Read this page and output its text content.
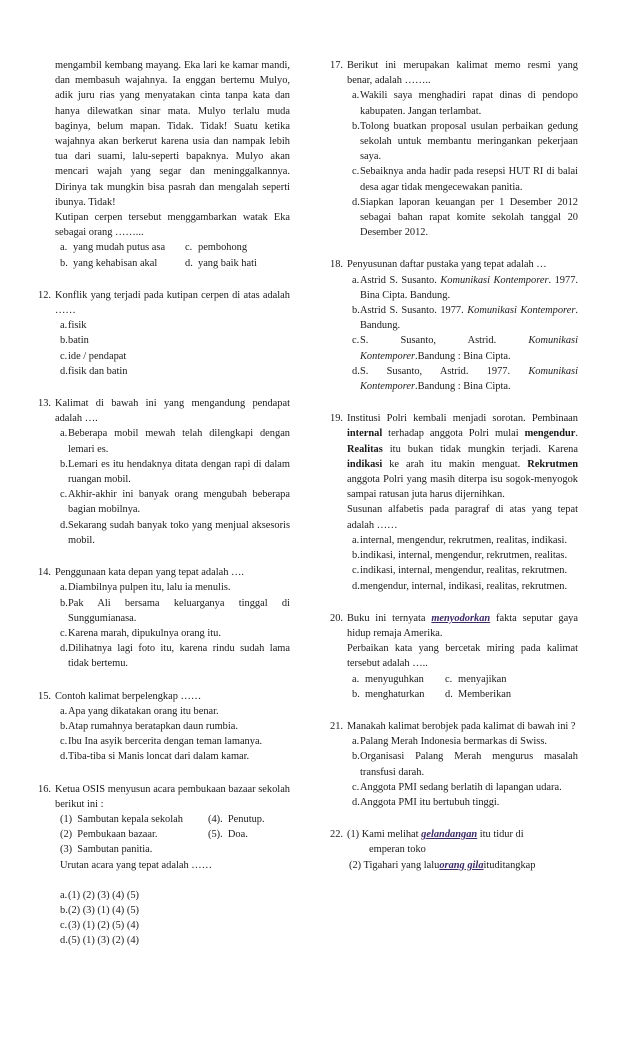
mengambil kembang mayang. Eka lari ke kamar mandi, dan membasuh wajahnya. Ia enggan bertemu Mulyo, adik juru rias yang menyatakan cinta tanpa kata dan hanya dilewatkan sinar mata. Mulyo terlalu muda baginya, belum mapan. Tidak. Tidak! Suatu ketika wajahnya akan berkerut karena usia dan nampak lebih tua dari suami, lalu-seperti bapaknya. Mulyo akan mencari wajah yang segar dan meninggalkannya. Dirinya tak mungkin bisa pasrah dan mengalah seperti ibunya. Tidak!
Kutipan cerpen tersebut menggambarkan watak Eka sebagai orang ……...
a. yang mudah putus asa	c. pembohong
b. yang kehabisan akal	d. yang baik hati
12. Konflik yang terjadi pada kutipan cerpen di atas adalah ……
a. fisik
b. batin
c. ide / pendapat
d. fisik dan batin
13. Kalimat di bawah ini yang mengandung pendapat adalah ….
a. Beberapa mobil mewah telah dilengkapi dengan lemari es.
b. Lemari es itu hendaknya ditata dengan rapi di dalam ruangan mobil.
c. Akhir-akhir ini banyak orang mengubah beberapa bagian mobilnya.
d. Sekarang sudah banyak toko yang menjual aksesoris mobil.
14. Penggunaan kata depan yang tepat adalah ….
a. Diambilnya pulpen itu, lalu ia menulis.
b. Pak Ali bersama keluarganya tinggal di Sunggumianasa.
c. Karena marah, dipukulnya orang itu.
d. Dilihatnya lagi foto itu, karena rindu sudah lama tidak bertemu.
15. Contoh kalimat berpelengkap ……
a. Apa yang dikatakan orang itu benar.
b. Atap rumahnya beratapkan daun rumbia.
c. Ibu Ina asyik bercerita dengan teman lamanya.
d. Tiba-tiba si Manis loncat dari dalam kamar.
16. Ketua OSIS menyusun acara pembukaan bazaar sekolah berikut ini :
(1)  Sambutan kepala sekolah	(4).  Penutup.
(2)  Pembukaan bazaar.	(5).  Doa.
(3)  Sambutan panitia.
Urutan acara yang tepat adalah ……
a. (1) (2) (3) (4) (5)
b. (2) (3) (1) (4) (5)
c. (3) (1) (2) (5) (4)
d. (5) (1) (3) (2) (4)
17. Berikut ini merupakan kalimat memo resmi yang benar, adalah ……..
a. Wakili saya menghadiri rapat dinas di pendopo kabupaten. Jangan terlambat.
b. Tolong buatkan proposal usulan perbaikan gedung sekolah untuk membantu meringankan pekerjaan saya.
c. Sebaiknya anda hadir pada resepsi HUT RI di balai desa agar tidak mengecewakan panitia.
d. Siapkan laporan keuangan per 1 Desember 2012 sebagai bahan rapat komite sekolah tanggal 20 Desember 2012.
18. Penyusunan daftar pustaka yang tepat adalah …
a. Astrid S. Susanto. Komunikasi Kontemporer. 1977. Bina Cipta. Bandung.
b. Astrid S. Susanto. 1977. Komunikasi Kontemporer. Bandung.
c. S. Susanto, Astrid. Komunikasi Kontemporer.Bandung : Bina Cipta.
d. S. Susanto, Astrid. 1977. Komunikasi Kontemporer.Bandung : Bina Cipta.
19. Institusi Polri kembali menjadi sorotan. Pembinaan internal terhadap anggota Polri mulai mengendur. Realitas itu bukan tidak mungkin terjadi. Karena indikasi ke arah itu makin menguat. Rekrutmen anggota Polri yang masih diterpa isu sogok-menyogok sampai ratusan juta harus dijernihkan.
Susunan alfabetis pada paragraf di atas yang tepat adalah ……
a. internal, mengendur, rekrutmen, realitas, indikasi.
b. indikasi, internal, mengendur, rekrutmen, realitas.
c. indikasi, internal, mengendur, realitas, rekrutmen.
d. mengendur, internal, indikasi, realitas, rekrutmen.
20. Buku ini ternyata menyodorkan fakta seputar gaya hidup remaja Amerika.
Perbaikan kata yang bercetak miring pada kalimat tersebut adalah …..
a. menyuguhkan	c. menyajikan
b. menghaturkan	d. Memberikan
21. Manakah kalimat berobjek pada kalimat di bawah ini ?
a. Palang Merah Indonesia bermarkas di Swiss.
b. Organisasi Palang Merah mengurus masalah transfusi darah.
c. Anggota PMI sedang berlatih di lapangan udara.
d. Anggota PMI itu bertubuh tinggi.
22. (1) Kami melihat gelandangan itu tidur di
emperan toko
(2) Tigahari yang laluorang gilaituditangkap
